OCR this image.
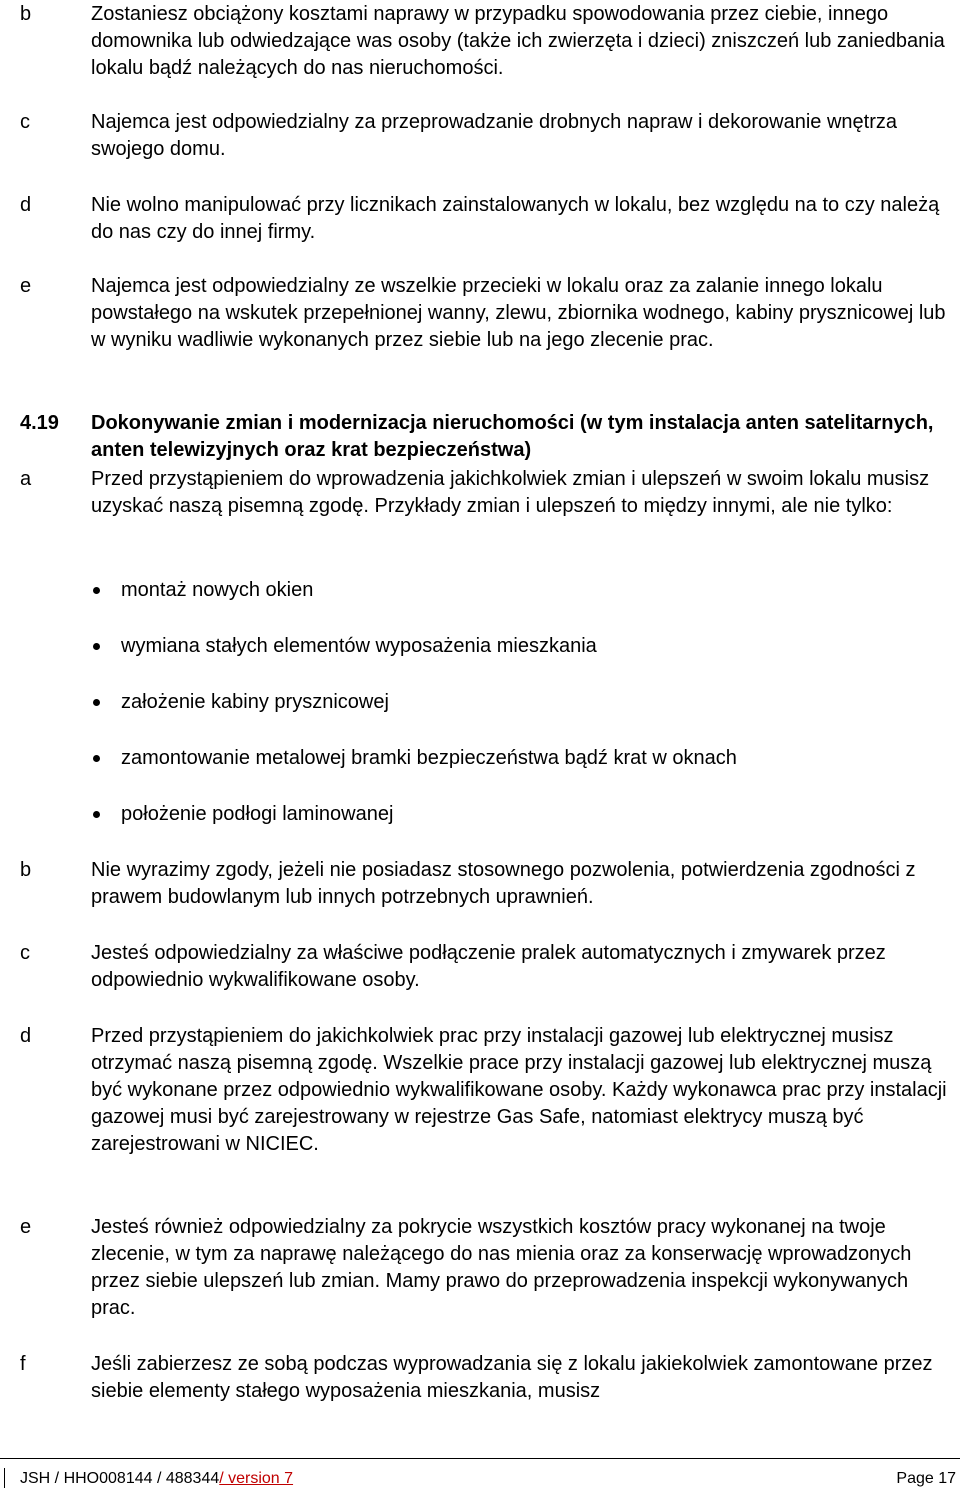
b	Zostaniesz obciążony kosztami naprawy w przypadku spowodowania przez ciebie, innego domownika lub odwiedzające was osoby (także ich zwierzęta i dzieci) zniszczeń lub zaniedbania lokalu bądź należących do nas nieruchomości.
c	Najemca jest odpowiedzialny za przeprowadzanie drobnych napraw i dekorowanie wnętrza swojego domu.
d	Nie wolno manipulować przy licznikach zainstalowanych w lokalu, bez względu na to czy należą do nas czy do innej firmy.
e	Najemca jest odpowiedzialny ze wszelkie przecieki w lokalu oraz za zalanie innego lokalu powstałego na wskutek przepełnionej wanny, zlewu, zbiornika wodnego, kabiny prysznicowej lub w wyniku wadliwie wykonanych przez siebie lub na jego zlecenie prac.
4.19	Dokonywanie zmian i modernizacja nieruchomości (w tym instalacja anten satelitarnych, anten telewizyjnych oraz krat bezpieczeństwa)
a	Przed przystąpieniem do wprowadzenia jakichkolwiek zmian i ulepszeń w swoim lokalu musisz uzyskać naszą pisemną zgodę. Przykłady zmian i ulepszeń to między innymi, ale nie tylko:
montaż nowych okien
wymiana stałych elementów wyposażenia mieszkania
założenie kabiny prysznicowej
zamontowanie metalowej bramki bezpieczeństwa bądź krat w oknach
położenie podłogi laminowanej
b	Nie wyrazimy zgody, jeżeli nie posiadasz stosownego pozwolenia, potwierdzenia zgodności z prawem budowlanym lub innych potrzebnych uprawnień.
c	Jesteś odpowiedzialny za właściwe podłączenie pralek automatycznych i zmywarek przez odpowiednio wykwalifikowane osoby.
d	Przed przystąpieniem do jakichkolwiek prac przy instalacji gazowej lub elektrycznej musisz otrzymać naszą pisemną zgodę. Wszelkie prace przy instalacji gazowej lub elektrycznej muszą być wykonane przez odpowiednio wykwalifikowane osoby. Każdy wykonawca prac przy instalacji gazowej musi być zarejestrowany w rejestrze Gas Safe, natomiast elektrycy muszą być zarejestrowani w NICIEC.
e	Jesteś również odpowiedzialny za pokrycie wszystkich kosztów pracy wykonanej na twoje zlecenie, w tym za naprawę należącego do nas mienia oraz za konserwację wprowadzonych przez siebie ulepszeń lub zmian. Mamy prawo do przeprowadzenia inspekcji wykonywanych prac.
f	Jeśli zabierzesz ze sobą podczas wyprowadzania się z lokalu jakiekolwiek zamontowane przez siebie elementy stałego wyposażenia mieszkania, musisz
JSH / HHO008144 / 488344/ version 7	Page 17
